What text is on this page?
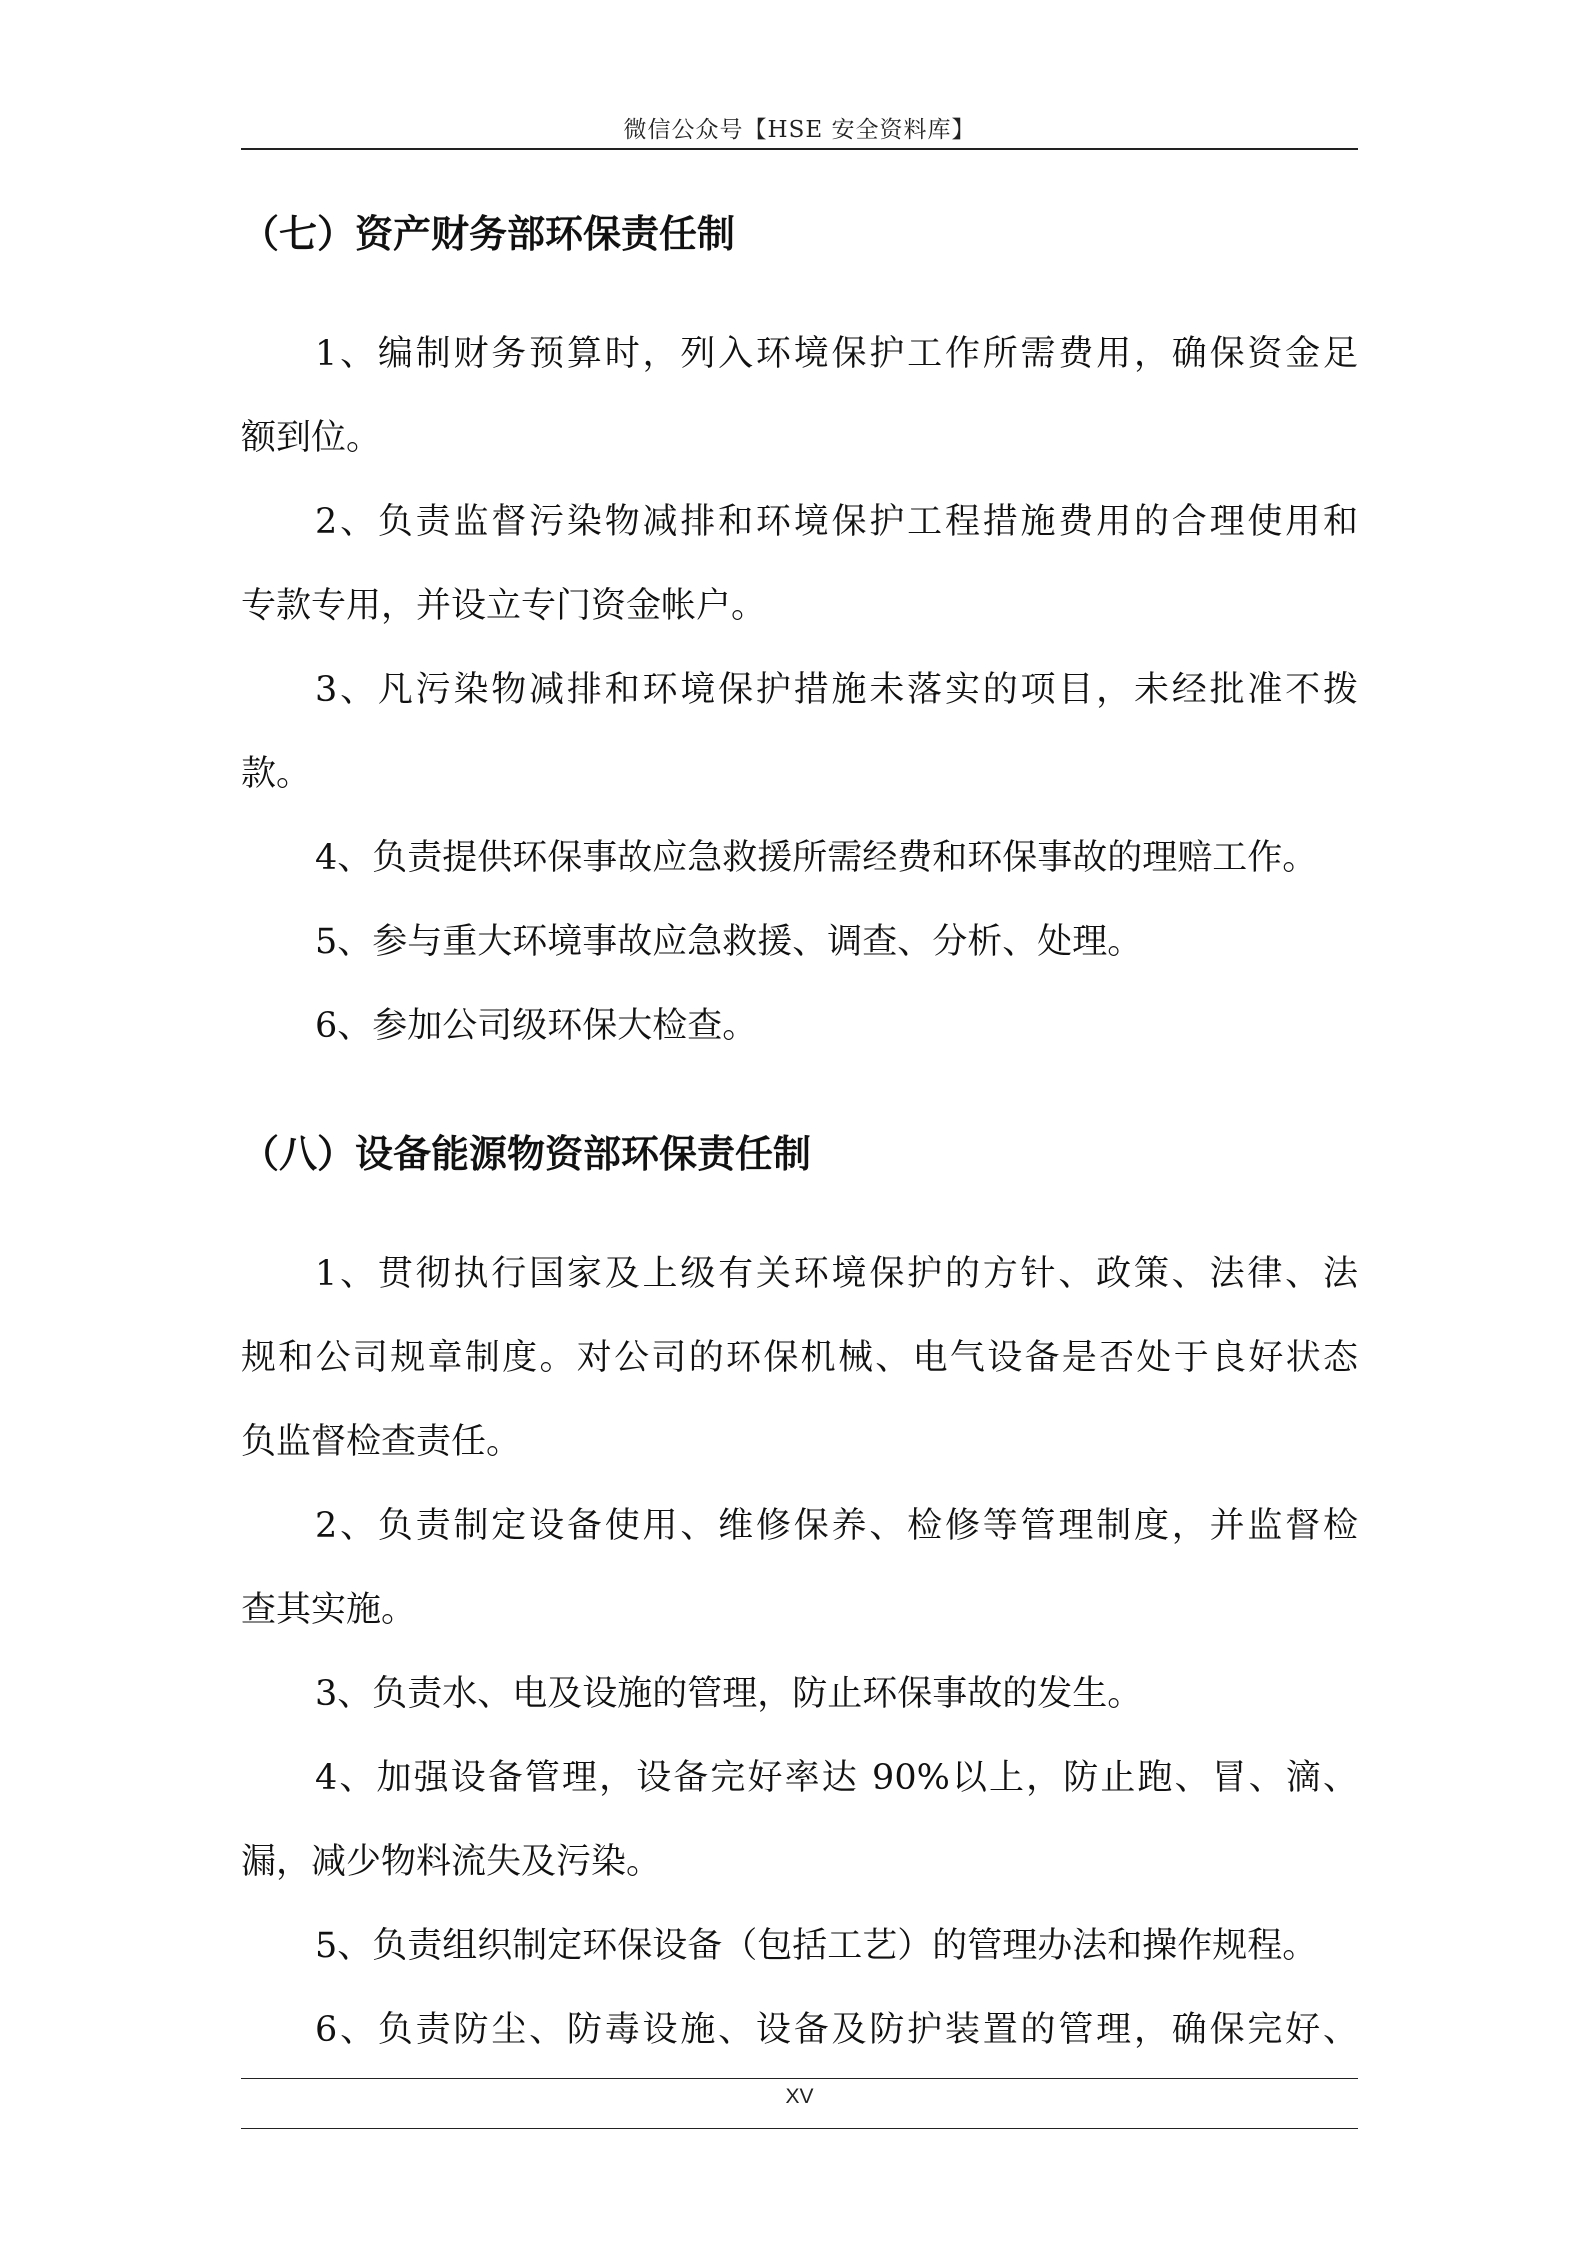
微信公众号【HSE 安全资料库】
（七）资产财务部环保责任制
1、编制财务预算时，列入环境保护工作所需费用，确保资金足
额到位。
2、负责监督污染物减排和环境保护工程措施费用的合理使用和
专款专用，并设立专门资金帐户。
3、凡污染物减排和环境保护措施未落实的项目，未经批准不拨
款。
4、负责提供环保事故应急救援所需经费和环保事故的理赔工作。
5、参与重大环境事故应急救援、调查、分析、处理。
6、参加公司级环保大检查。
（八）设备能源物资部环保责任制
1、贯彻执行国家及上级有关环境保护的方针、政策、法律、法
规和公司规章制度。对公司的环保机械、电气设备是否处于良好状态
负监督检查责任。
2、负责制定设备使用、维修保养、检修等管理制度，并监督检
查其实施。
3、负责水、电及设施的管理，防止环保事故的发生。
4、加强设备管理，设备完好率达 90%以上，防止跑、冒、滴、
漏，减少物料流失及污染。
5、负责组织制定环保设备（包括工艺）的管理办法和操作规程。
6、负责防尘、防毒设施、设备及防护装置的管理，确保完好、
XV
